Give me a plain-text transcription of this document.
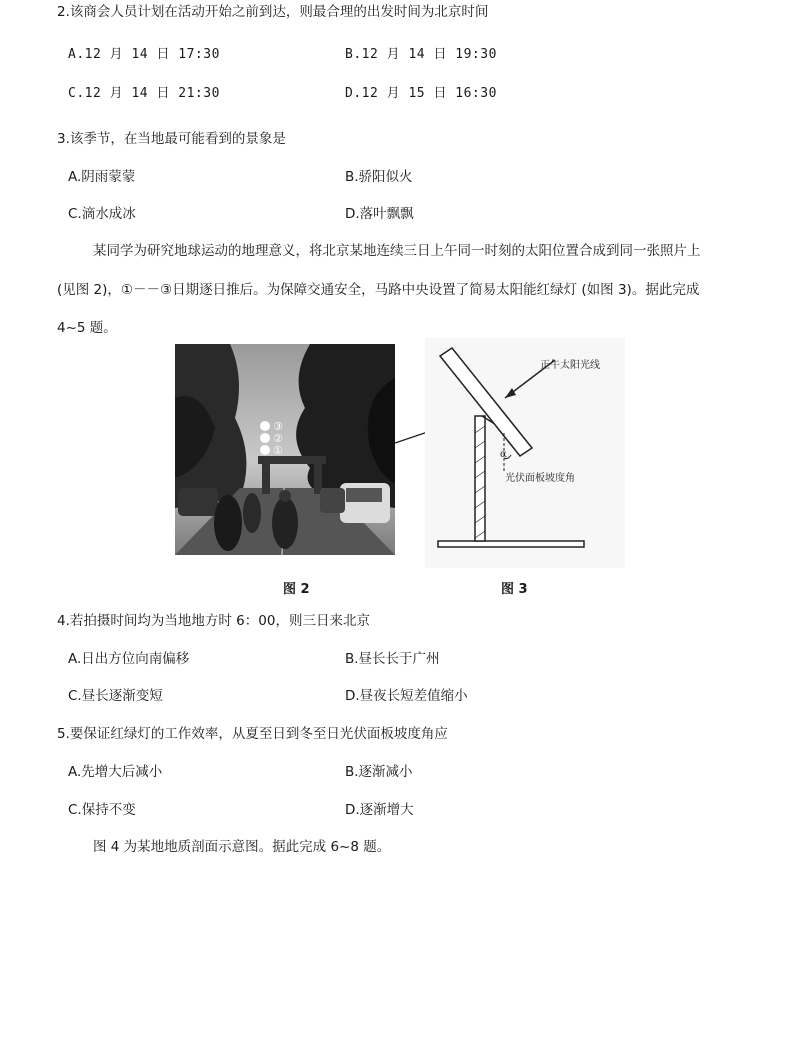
2.该商会人员计划在活动开始之前到达，则最合理的出发时间为北京时间
A.12 月 14 日 17:30	B.12 月 14 日 19:30
C.12 月 14 日 21:30	D.12 月 15 日 16:30
3.该季节，在当地最可能看到的景象是
A.阴雨蒙蒙	B.骄阳似火
C.滴水成冰	D.落叶飘飘
某同学为研究地球运动的地理意义，将北京某地连续三日上午同一时刻的太阳位置合成到同一张照片上
(见图 2)，①－－③日期逐日推后。为保障交通安全，马路中央设置了简易太阳能红绿灯 (如图 3)。据此完成
4~5 题。
③
②
①	α
光伏面板坡度角
正午太阳光线
图 2	图 3
4.若拍摄时间均为当地地方时 6：00，则三日来北京
A.日出方位向南偏移	B.昼长长于广州
C.昼长逐渐变短	D.昼夜长短差值缩小
5.要保证红绿灯的工作效率，从夏至日到冬至日光伏面板坡度角应
A.先增大后减小	B.逐渐减小
C.保持不变	D.逐渐增大
图 4 为某地地质剖面示意图。据此完成 6~8 题。
